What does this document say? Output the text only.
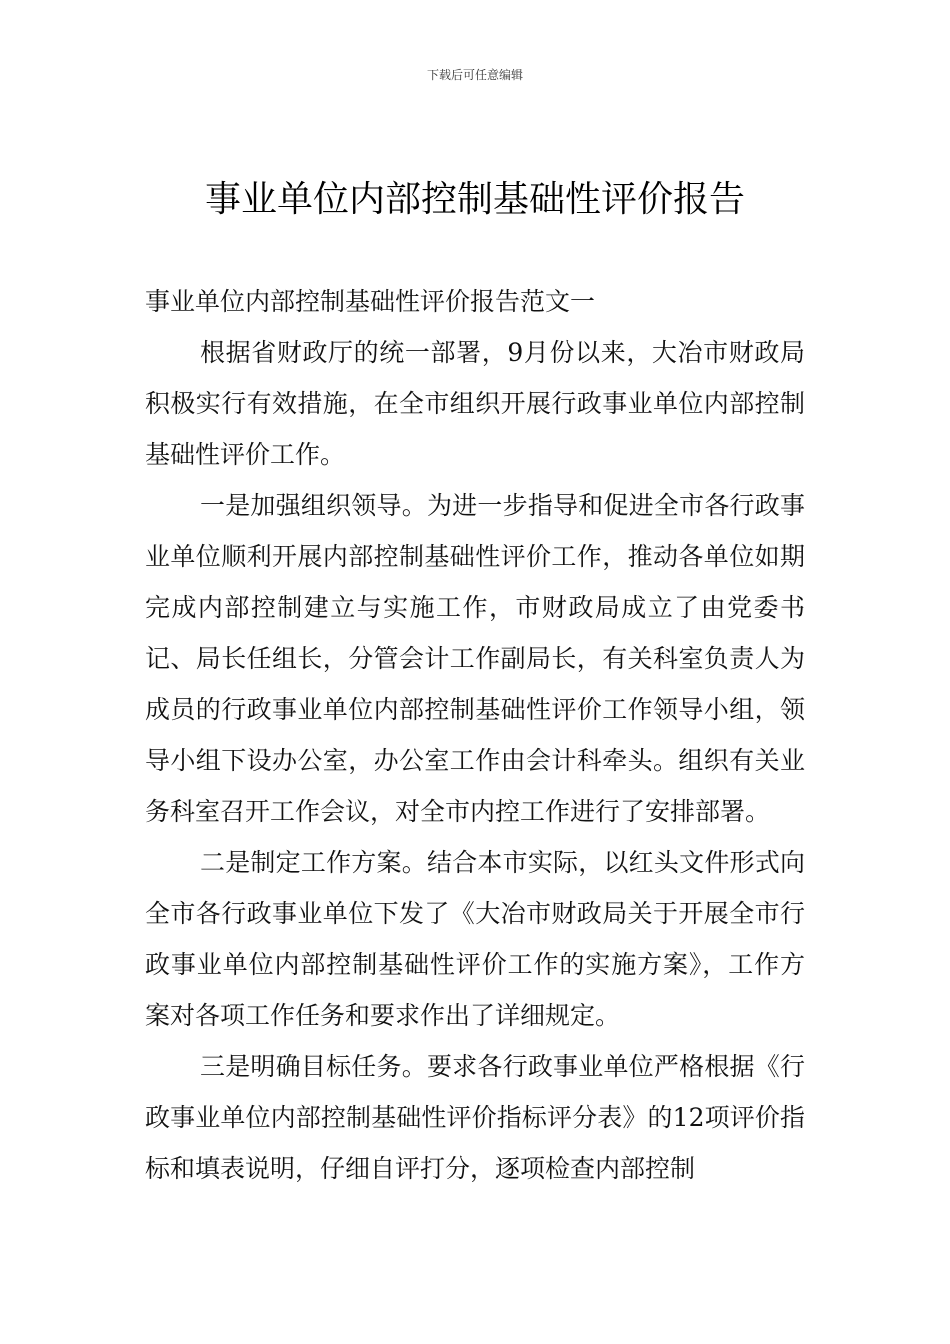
下载后可任意编辑
事业单位内部控制基础性评价报告

事业单位内部控制基础性评价报告范文一

根据省财政厅的统一部署，9月份以来，大冶市财政局积极实行有效措施，在全市组织开展行政事业单位内部控制基础性评价工作。

一是加强组织领导。为进一步指导和促进全市各行政事业单位顺利开展内部控制基础性评价工作，推动各单位如期完成内部控制建立与实施工作，市财政局成立了由党委书记、局长任组长，分管会计工作副局长，有关科室负责人为成员的行政事业单位内部控制基础性评价工作领导小组，领导小组下设办公室，办公室工作由会计科牵头。组织有关业务科室召开工作会议，对全市内控工作进行了安排部署。

二是制定工作方案。结合本市实际，以红头文件形式向全市各行政事业单位下发了《大冶市财政局关于开展全市行政事业单位内部控制基础性评价工作的实施方案》，工作方案对各项工作任务和要求作出了详细规定。

三是明确目标任务。要求各行政事业单位严格根据《行政事业单位内部控制基础性评价指标评分表》的12项评价指标和填表说明，仔细自评打分，逐项检查内部控制
